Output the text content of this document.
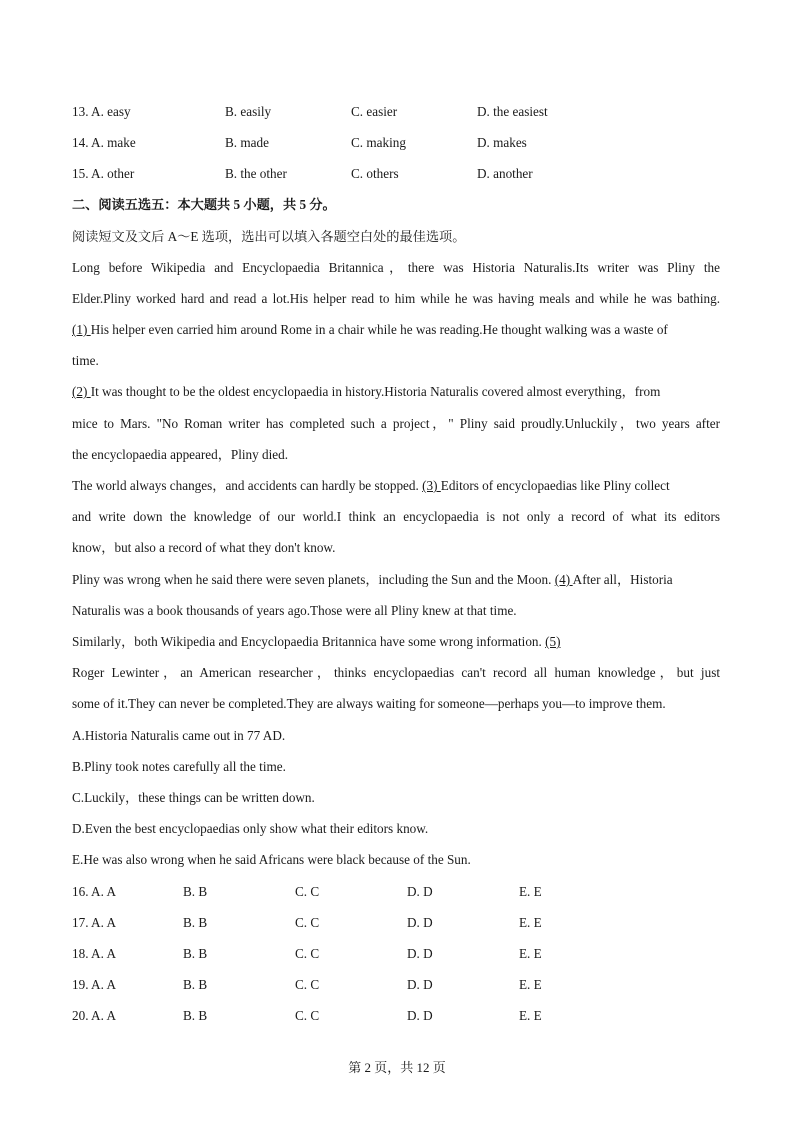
13. A. easy	B. easily	C. easier	D. the easiest
14. A. make	B. made	C. making	D. makes
15. A. other	B. the other	C. others	D. another
二、阅读五选五：本大题共 5 小题，共 5 分。
阅读短文及文后 A～E 选项，选出可以填入各题空白处的最佳选项。
Long before Wikipedia and Encyclopaedia Britannica，there was Historia Naturalis.Its writer was Pliny the
Elder.Pliny worked hard and read a lot.His helper read to him while he was having meals and while he was bathing.
(1) His helper even carried him around Rome in a chair while he was reading.He thought walking was a waste of
time.
(2) It was thought to be the oldest encyclopaedia in history.Historia Naturalis covered almost everything，from
mice to Mars. "No Roman writer has completed such a project，" Pliny said proudly.Unluckily，two years after
the encyclopaedia appeared，Pliny died.
The world always changes，and accidents can hardly be stopped. (3) Editors of encyclopaedias like Pliny collect
and write down the knowledge of our world.I think an encyclopaedia is not only a record of what its editors
know，but also a record of what they don't know.
Pliny was wrong when he said there were seven planets，including the Sun and the Moon. (4) After all，Historia
Naturalis was a book thousands of years ago.Those were all Pliny knew at that time.
Similarly，both Wikipedia and Encyclopaedia Britannica have some wrong information. (5)
Roger Lewinter，an American researcher，thinks encyclopaedias can't record all human knowledge，but just
some of it.They can never be completed.They are always waiting for someone—perhaps you—to improve them.
A.Historia Naturalis came out in 77 AD.
B.Pliny took notes carefully all the time.
C.Luckily，these things can be written down.
D.Even the best encyclopaedias only show what their editors know.
E.He was also wrong when he said Africans were black because of the Sun.
16. A. A	B. B	C. C	D. D	E. E
17. A. A	B. B	C. C	D. D	E. E
18. A. A	B. B	C. C	D. D	E. E
19. A. A	B. B	C. C	D. D	E. E
20. A. A	B. B	C. C	D. D	E. E
第 2 页，共 12 页
